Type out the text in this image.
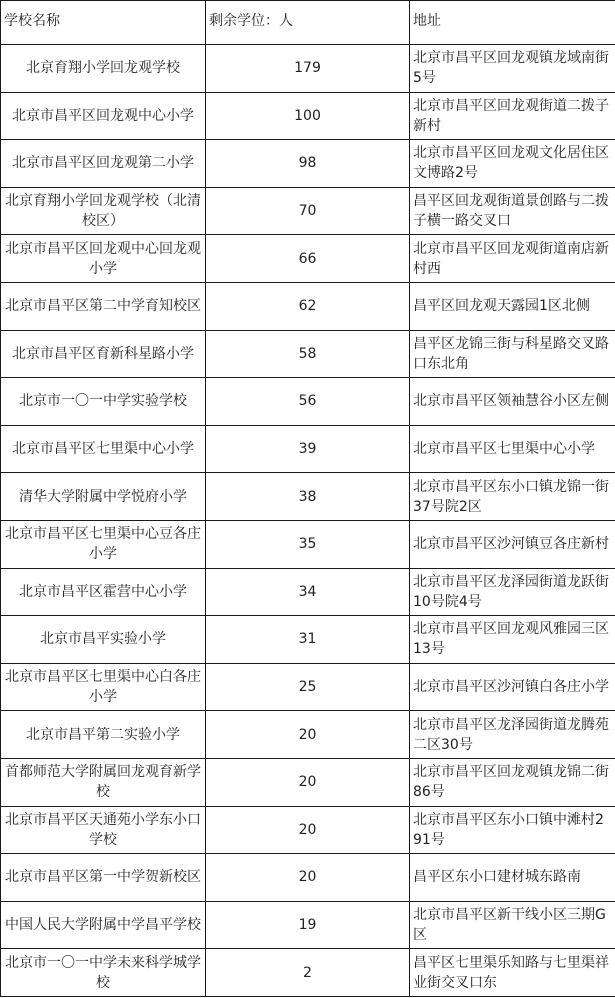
学校名称	剩余学位：人	地址
北京育翔小学回龙观学校	179	北京市昌平区回龙观镇龙域南街5号
北京市昌平区回龙观中心小学	100	北京市昌平区回龙观街道二拨子新村
北京市昌平区回龙观第二小学	98	北京市昌平区回龙观文化居住区文博路2号
北京育翔小学回龙观学校（北清校区）	70	昌平区回龙观街道景创路与二拨子横一路交叉口
北京市昌平区回龙观中心回龙观小学	66	北京市昌平区回龙观街道南店新村西
北京市昌平区第二中学育知校区	62	昌平区回龙观天露园1区北侧
北京市昌平区育新科星路小学	58	昌平区龙锦三街与科星路交叉路口东北角
北京市一〇一中学实验学校	56	北京市昌平区领袖慧谷小区左侧
北京市昌平区七里渠中心小学	39	北京市昌平区七里渠中心小学
清华大学附属中学悦府小学	38	北京市昌平区东小口镇龙锦一街37号院2区
北京市昌平区七里渠中心豆各庄小学	35	北京市昌平区沙河镇豆各庄新村
北京市昌平区霍营中心小学	34	北京市昌平区龙泽园街道龙跃街10号院4号
北京市昌平实验小学	31	北京市昌平区回龙观风雅园三区13号
北京市昌平区七里渠中心白各庄小学	25	北京市昌平区沙河镇白各庄小学
北京市昌平第二实验小学	20	北京市昌平区龙泽园街道龙腾苑二区30号
首都师范大学附属回龙观育新学校	20	北京市昌平区回龙观镇龙锦二街86号
北京市昌平区天通苑小学东小口学校	20	北京市昌平区东小口镇中滩村291号
北京市昌平区第一中学贺新校区	20	昌平区东小口建材城东路南
中国人民大学附属中学昌平学校	19	北京市昌平区新干线小区三期G区
北京市一〇一中学未来科学城学校	2	昌平区七里渠乐知路与七里渠祥业街交叉口东
